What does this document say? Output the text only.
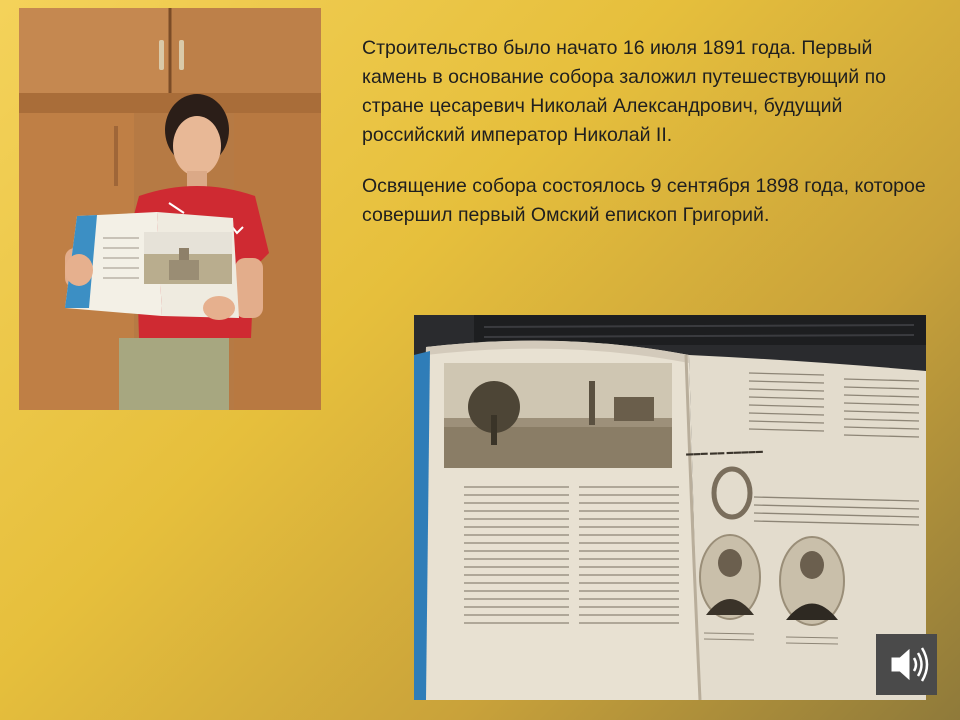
Строительство было начато 16 июля 1891 года. Первый камень в основание собора заложил путешествующий по стране цесаревич Николай Александрович, будущий российский император Николай II.

Освящение собора состоялось 9 сентября 1898 года, которое совершил первый Омский епископ Григорий.

▬▬▬ ▬▬ ▬▬▬▬▬
